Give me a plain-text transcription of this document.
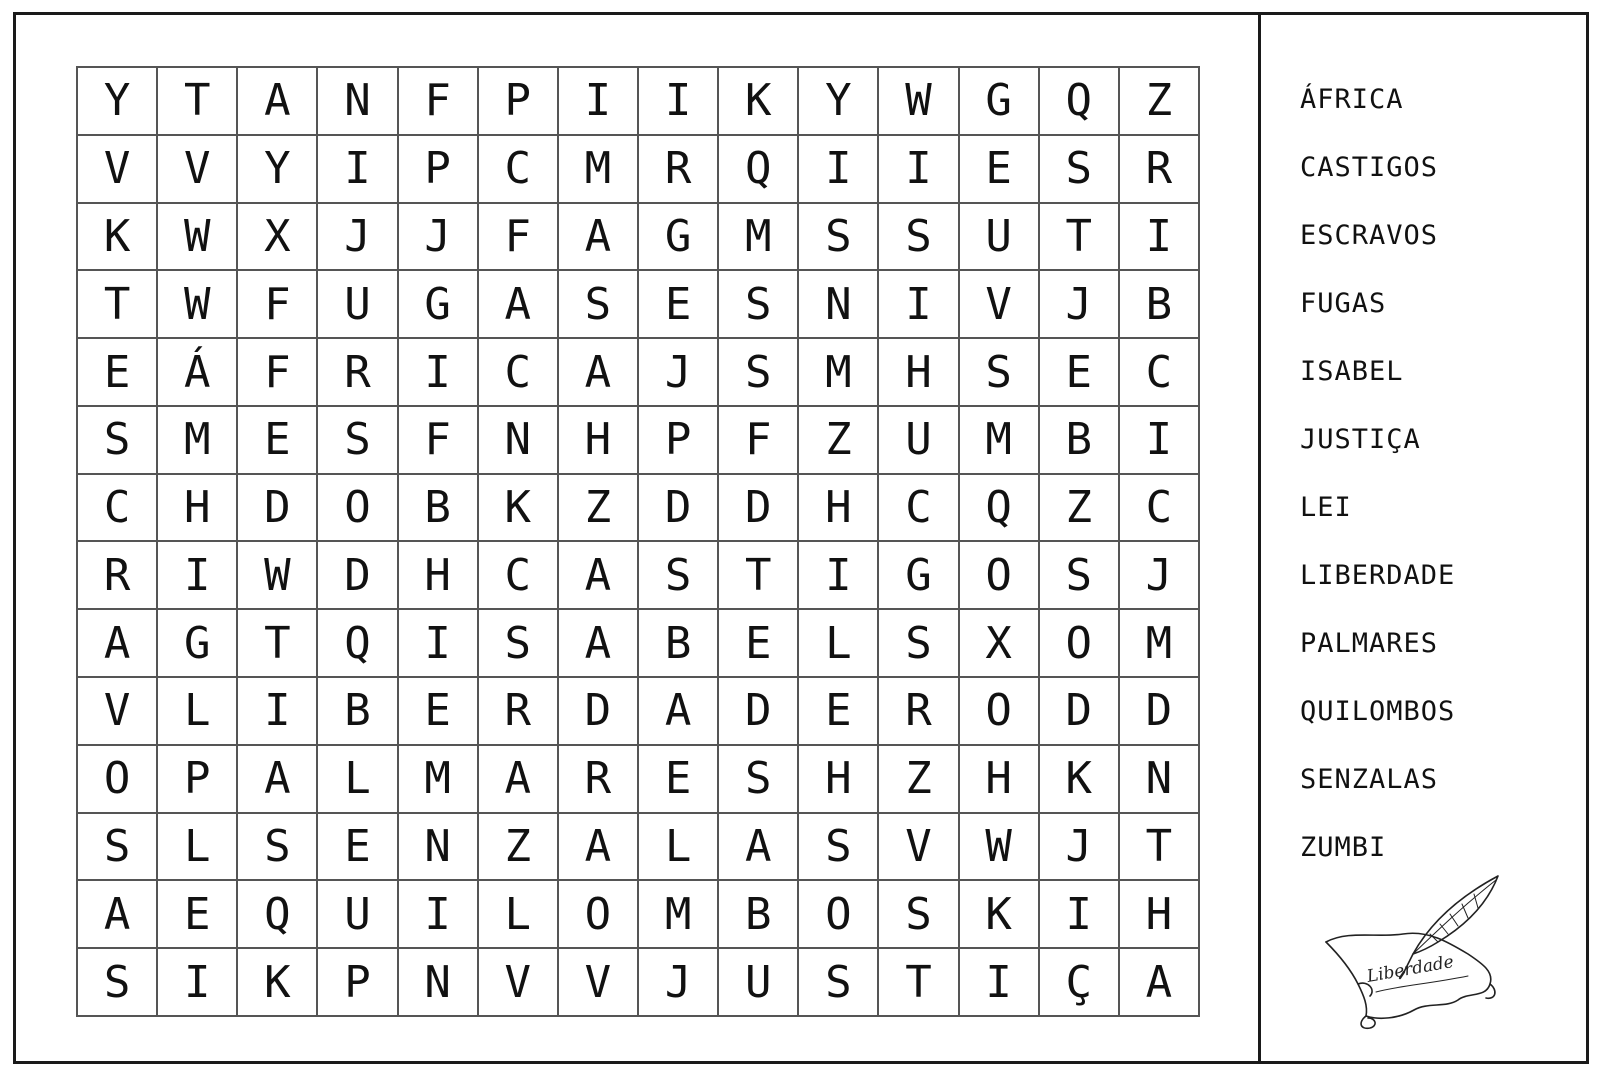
Y	T	A	N	F	P	I	I	K	Y	W	G	Q	Z
V	V	Y	I	P	C	M	R	Q	I	I	E	S	R
K	W	X	J	J	F	A	G	M	S	S	U	T	I
T	W	F	U	G	A	S	E	S	N	I	V	J	B
E	Á	F	R	I	C	A	J	S	M	H	S	E	C
S	M	E	S	F	N	H	P	F	Z	U	M	B	I
C	H	D	O	B	K	Z	D	D	H	C	Q	Z	C
R	I	W	D	H	C	A	S	T	I	G	O	S	J
A	G	T	Q	I	S	A	B	E	L	S	X	O	M
V	L	I	B	E	R	D	A	D	E	R	O	D	D
O	P	A	L	M	A	R	E	S	H	Z	H	K	N
S	L	S	E	N	Z	A	L	A	S	V	W	J	T
A	E	Q	U	I	L	O	M	B	O	S	K	I	H
S	I	K	P	N	V	V	J	U	S	T	I	Ç	A
ÁFRICA
CASTIGOS
ESCRAVOS
FUGAS
ISABEL
JUSTIÇA
LEI
LIBERDADE
PALMARES
QUILOMBOS
SENZALAS
ZUMBI
Liberdade
